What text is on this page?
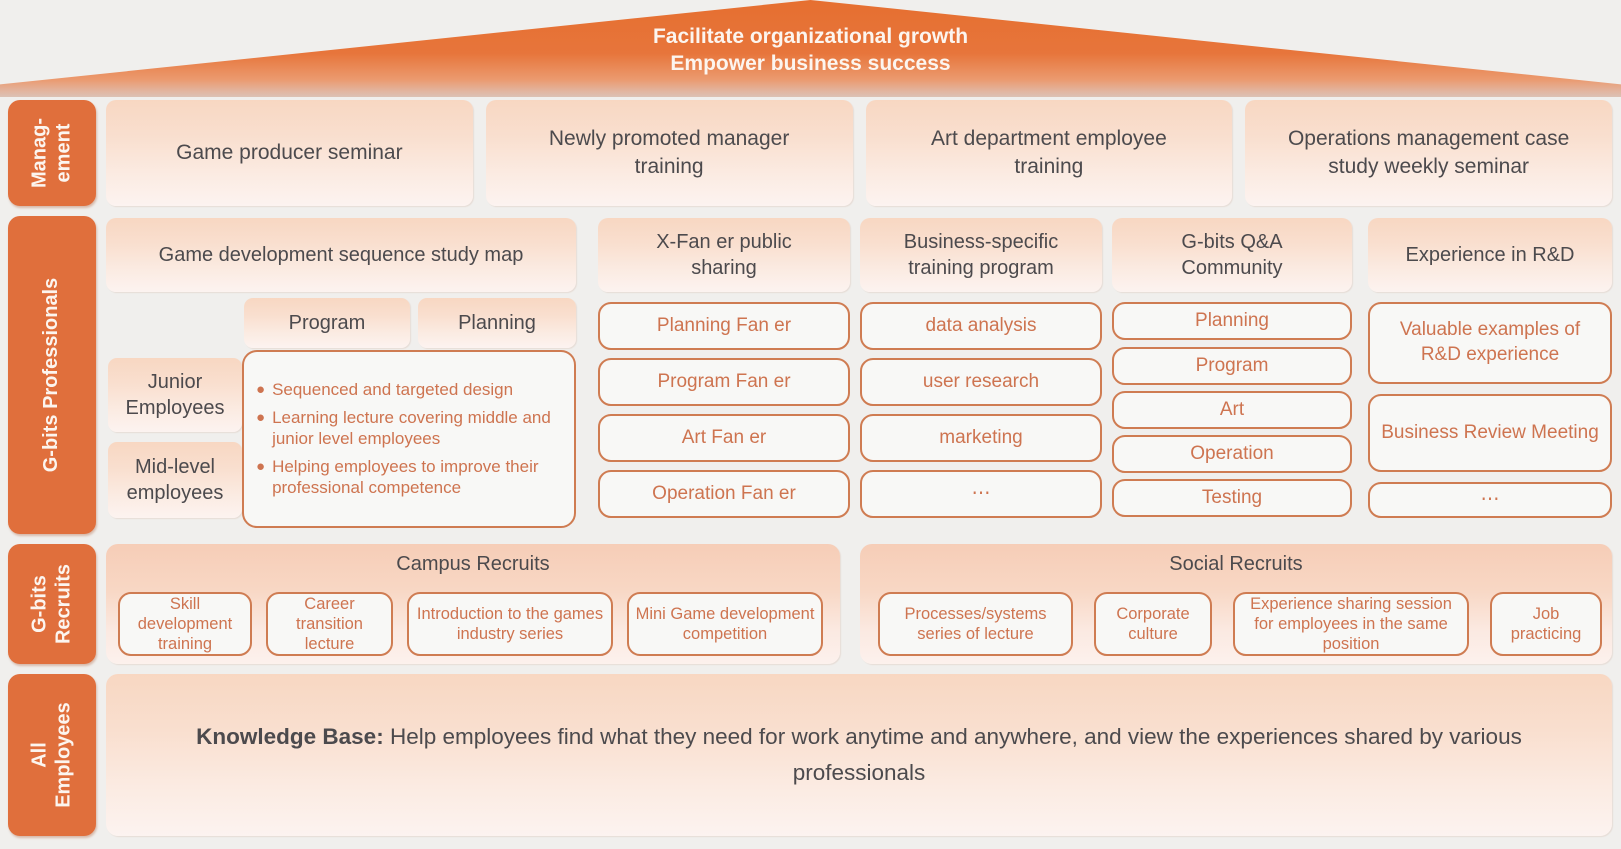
Facilitate organizational growth
Empower business success
Manag- ement
G-bits Professionals
G-bits Recruits
All Employees
Game producer seminar
Newly promoted manager training
Art department employee training
Operations management case study weekly seminar
Game development sequence study map
Program	Planning
Junior Employees
Mid-level employees
● Sequenced and targeted design
● Learning lecture covering middle and junior level employees
● Helping employees to improve their professional competence
X-Fan er public sharing
Planning Fan er
Program Fan er
Art Fan er
Operation Fan er
Business-specific training program
data analysis
user research
marketing
⋯
G-bits Q&A Community
Planning
Program
Art
Operation
Testing
Experience in R&D
Valuable examples of R&D experience
Business Review Meeting
⋯
Campus Recruits
Skill development training
Career transition lecture
Introduction to the games industry series
Mini Game development competition
Social Recruits
Processes/systems series of lecture
Corporate culture
Experience sharing session for employees in the same position
Job practicing

Knowledge Base: Help employees find what they need for work anytime and anywhere, and view the experiences shared by various professionals
